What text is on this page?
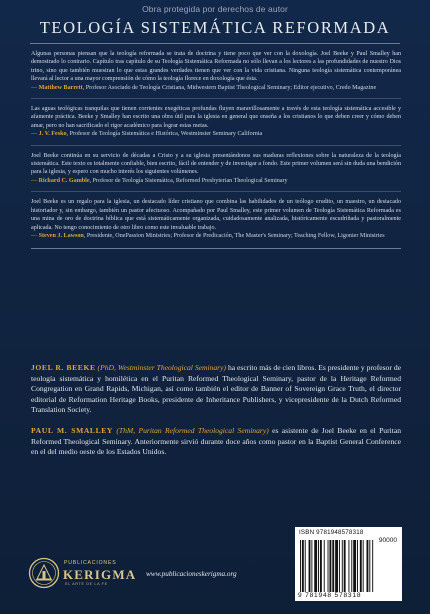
Obra protegida por derechos de autor
TEOLOGÍA SISTEMÁTICA REFORMADA
Algunas personas piensan que la teología reformada se trata de doctrina y tiene poco que ver con la doxología. Joel Beeke y Paul Smalley han demostrado lo contrario. Capítulo tras capítulo de su Teología Sistemática Reformada no sólo llevan a los lectores a las profundidades de nuestro Dios trino, sino que también muestran lo que estas grandes verdades tienen que ver con la vida cristiana. Ninguna teología sistemática contemporánea llevará al lector a una mayor comprensión de cómo la teología florece en doxología que ésta.
— Matthew Barrett, Profesor Asociado de Teología Cristiana, Midwestern Baptist Theological Seminary; Editor ejecutivo, Credo Magazine
Las aguas teológicas tranquilas que tienen corrientes exegéticas profundas fluyen maravillosamente a través de esta teología sistemática accesible y afamente práctica. Beeke y Smalley han escrito una obra útil para la iglesia en general que enseña a los cristianos lo que deben creer y cómo deben amar, pero no han sacrificado el rigor académico para lograr estas metas.
— J. V. Fesko, Profesor de Teología Sistemática e Histórica, Westminster Seminary California
Joel Beeke continúa en su servicio de décadas a Cristo y a su iglesia presentándonos sus maduras reflexiones sobre la naturaleza de la teología sistemática. Este texto es totalmente confiable, bien escrito, fácil de entender y de investigar a fondo. Este primer volumen será sin duda una bendición para la iglesia, y espero con mucho interés los siguientes volúmenes.
— Richard C. Gamble, Profesor de Teología Sistemática, Reformed Presbyterian Theological Seminary
Joel Beeke es un regalo para la iglesia, un destacado líder cristiano que combina las habilidades de un teólogo erudito, un maestro, un destacado historiador y, sin embargo, también un pastor afectuoso. Acompañado por Paul Smalley, este primer volumen de Teología Sistemática Reformada es una mina de oro de doctrina bíblica que está sistemáticamente organizada, cuidadosamente analizada, históricamente escudriñada y pastoralmente aplicada. No tengo conocimiento de otro libro como este invaluable trabajo.
— Steven J. Lawson, Presidente, OnePassion Ministries; Profesor de Predicación, The Master's Seminary; Teaching Fellow, Ligonier Ministries

JOEL R. BEEKE (PhD, Westminster Theological Seminary) ha escrito más de cien libros. Es presidente y profesor de teología sistemática y homilética en el Puritan Reformed Theological Seminary, pastor de la Heritage Reformed Congregation en Grand Rapids, Michigan, así como también el editor de Banner of Sovereign Grace Truth, el director editorial de Reformation Heritage Books, presidente de Inheritance Publishers, y vicepresidente de la Dutch Reformed Translation Society.

PAUL M. SMALLEY (ThM, Puritan Reformed Theological Seminary) es asistente de Joel Beeke en el Puritan Reformed Theological Seminary. Anteriormente sirvió durante doce años como pastor en la Baptist General Conference en el del medio oeste de los Estados Unidos.

PUBLICACIONES
KERIGMA
EL ARTE DE LA FE
www.publicacioneskerigma.org
ISBN 9781948578318
90000
9 781948 578318
